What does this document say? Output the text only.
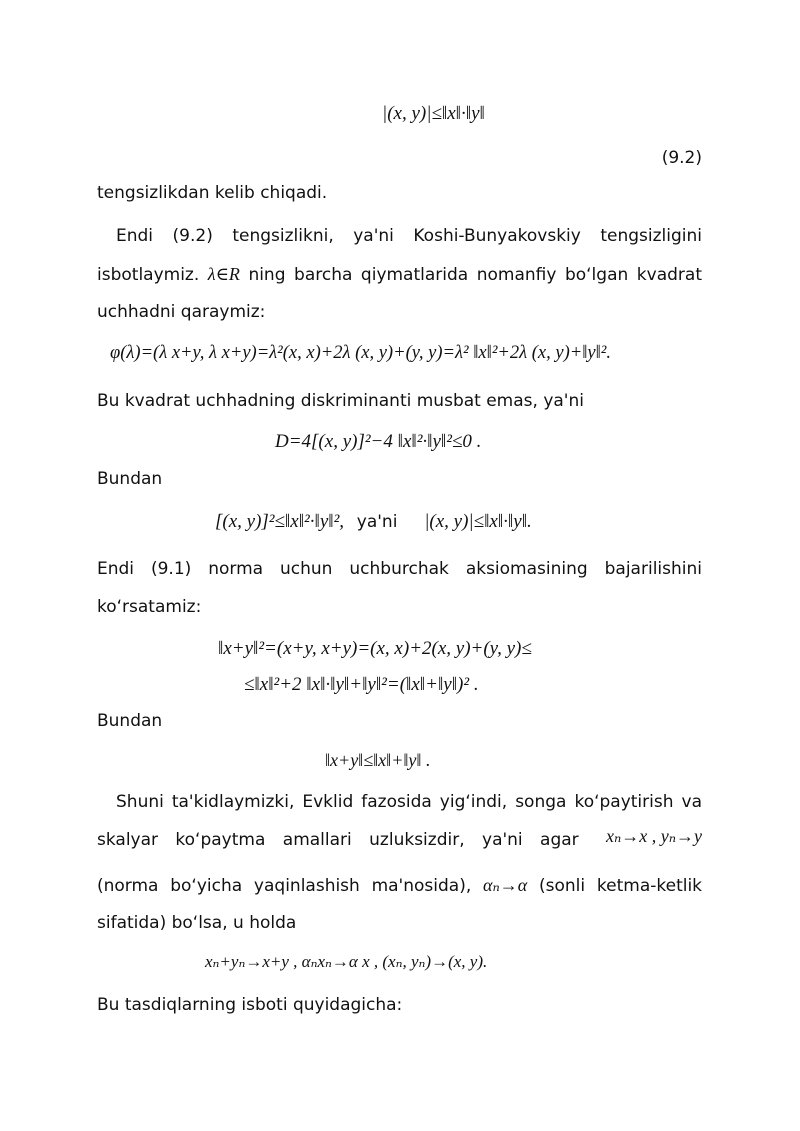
|(x, y)|≤‖x‖·‖y‖
(9.2)
tengsizlikdan kelib chiqadi.
Endi (9.2) tengsizlikni, ya'ni Koshi-Bunyakovskiy tengsizligini
isbotlaymiz. λ∈R ning barcha qiymatlarida nomanfiy bo‘lgan kvadrat
uchhadni qaraymiz:
φ(λ)=(λ x+y, λ x+y)=λ²(x, x)+2λ (x, y)+(y, y)=λ² ‖x‖²+2λ (x, y)+‖y‖².
Bu kvadrat uchhadning diskriminanti musbat emas, ya'ni
D=4[(x, y)]²−4 ‖x‖²·‖y‖²≤0 .
Bundan
[(x, y)]²≤‖x‖²·‖y‖², ya'ni |(x, y)|≤‖x‖·‖y‖.
Endi (9.1) norma uchun uchburchak aksiomasining bajarilishini
ko‘rsatamiz:
‖x+y‖²=(x+y, x+y)=(x, x)+2(x, y)+(y, y)≤
≤‖x‖²+2 ‖x‖·‖y‖+‖y‖²=(‖x‖+‖y‖)² .
Bundan
‖x+y‖≤‖x‖+‖y‖ .
Shuni ta'kidlaymizki, Evklid fazosida yig‘indi, songa ko‘paytirish va
skalyar ko‘paytma amallari uzluksizdir, ya'ni agar xₙ→x , yₙ→y
(norma bo‘yicha yaqinlashish ma'nosida), αₙ→α (sonli ketma-ketlik
sifatida) bo‘lsa, u holda
xₙ+yₙ→x+y , αₙxₙ→α x , (xₙ, yₙ)→(x, y).
Bu tasdiqlarning isboti quyidagicha:
